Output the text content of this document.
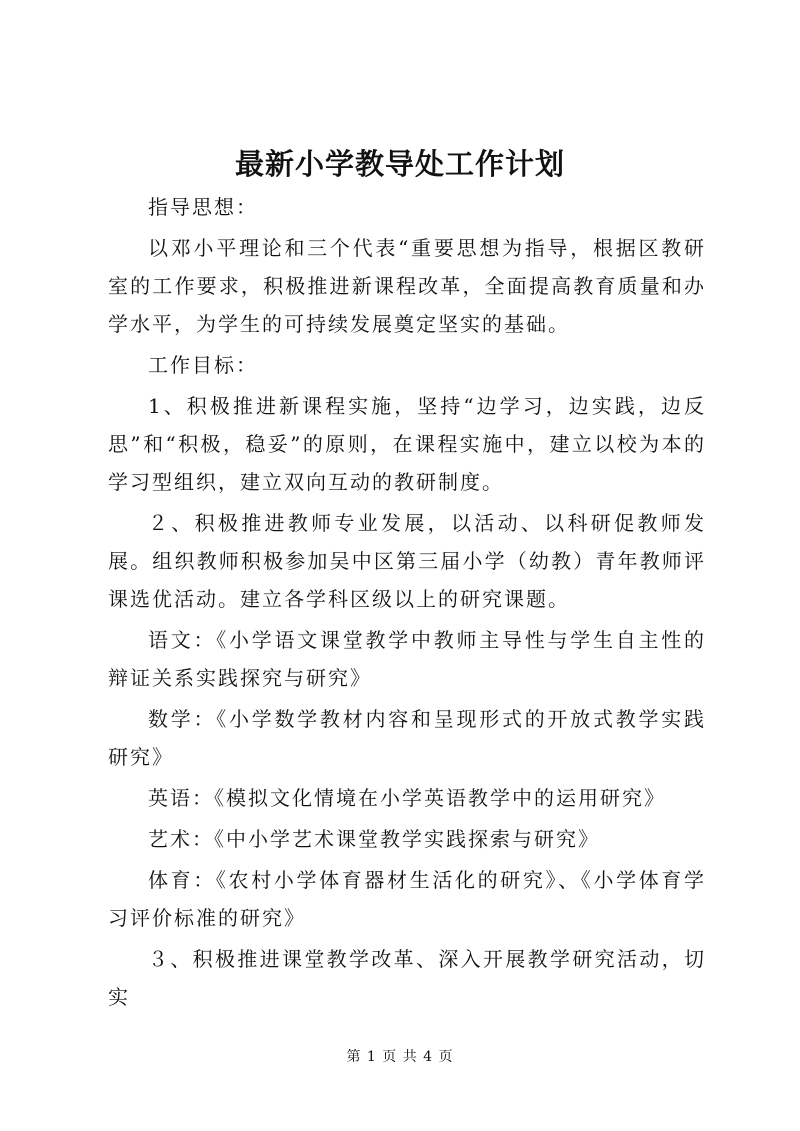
最新小学教导处工作计划

指导思想：

以邓小平理论和三个代表“重要思想为指导，根据区教研室的工作要求，积极推进新课程改革，全面提高教育质量和办学水平，为学生的可持续发展奠定坚实的基础。

工作目标：

1、积极推进新课程实施，坚持“边学习，边实践，边反思”和“积极，稳妥”的原则，在课程实施中，建立以校为本的学习型组织，建立双向互动的教研制度。

２、积极推进教师专业发展，以活动、以科研促教师发展。组织教师积极参加吴中区第三届小学（幼教）青年教师评课选优活动。建立各学科区级以上的研究课题。

语文：《小学语文课堂教学中教师主导性与学生自主性的辩证关系实践探究与研究》

数学：《小学数学教材内容和呈现形式的开放式教学实践研究》

英语：《模拟文化情境在小学英语教学中的运用研究》

艺术：《中小学艺术课堂教学实践探索与研究》

体育：《农村小学体育器材生活化的研究》、《小学体育学习评价标准的研究》

３、积极推进课堂教学改革、深入开展教学研究活动，切实

第 1 页 共 4 页
